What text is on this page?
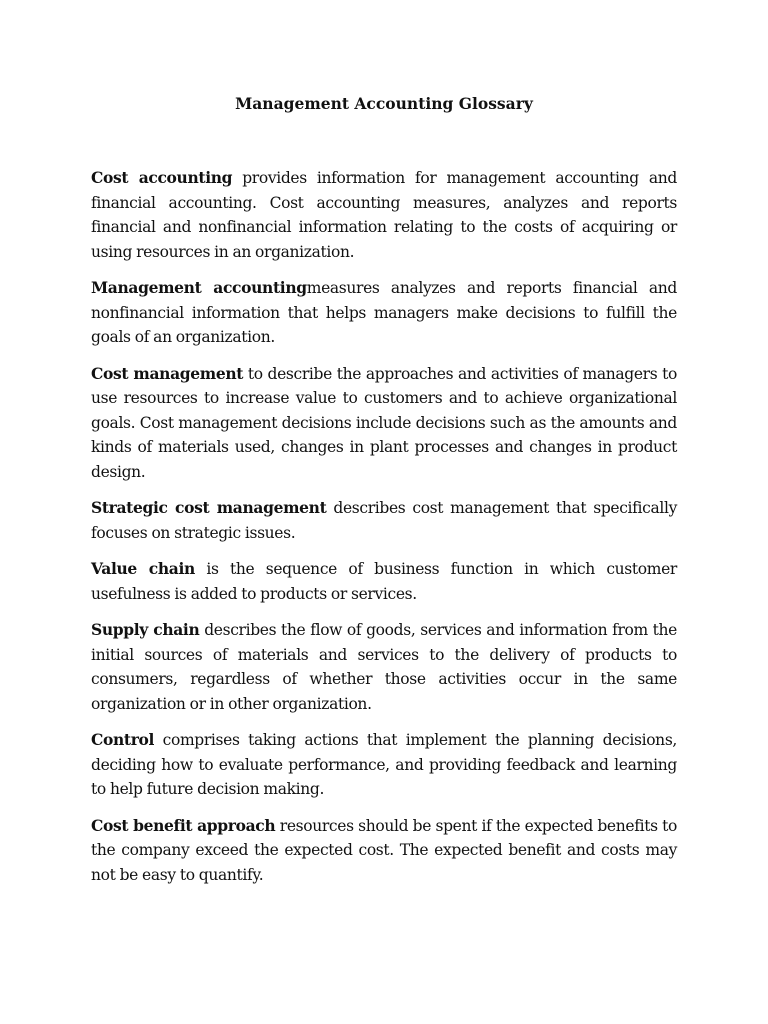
Management Accounting Glossary

Cost accounting provides information for management accounting and financial accounting. Cost accounting measures, analyzes and reports financial and nonfinancial information relating to the costs of acquiring or using resources in an organization.

Management accountingmeasures analyzes and reports financial and nonfinancial information that helps managers make decisions to fulfill the goals of an organization.

Cost management to describe the approaches and activities of managers to use resources to increase value to customers and to achieve organizational goals. Cost management decisions include decisions such as the amounts and kinds of materials used, changes in plant processes and changes in product design.

Strategic cost management describes cost management that specifically focuses on strategic issues.

Value chain is the sequence of business function in which customer usefulness is added to products or services.

Supply chain describes the flow of goods, services and information from the initial sources of materials and services to the delivery of products to consumers, regardless of whether those activities occur in the same organization or in other organization.

Control comprises taking actions that implement the planning decisions, deciding how to evaluate performance, and providing feedback and learning to help future decision making.

Cost benefit approach resources should be spent if the expected benefits to the company exceed the expected cost. The expected benefit and costs may not be easy to quantify.
